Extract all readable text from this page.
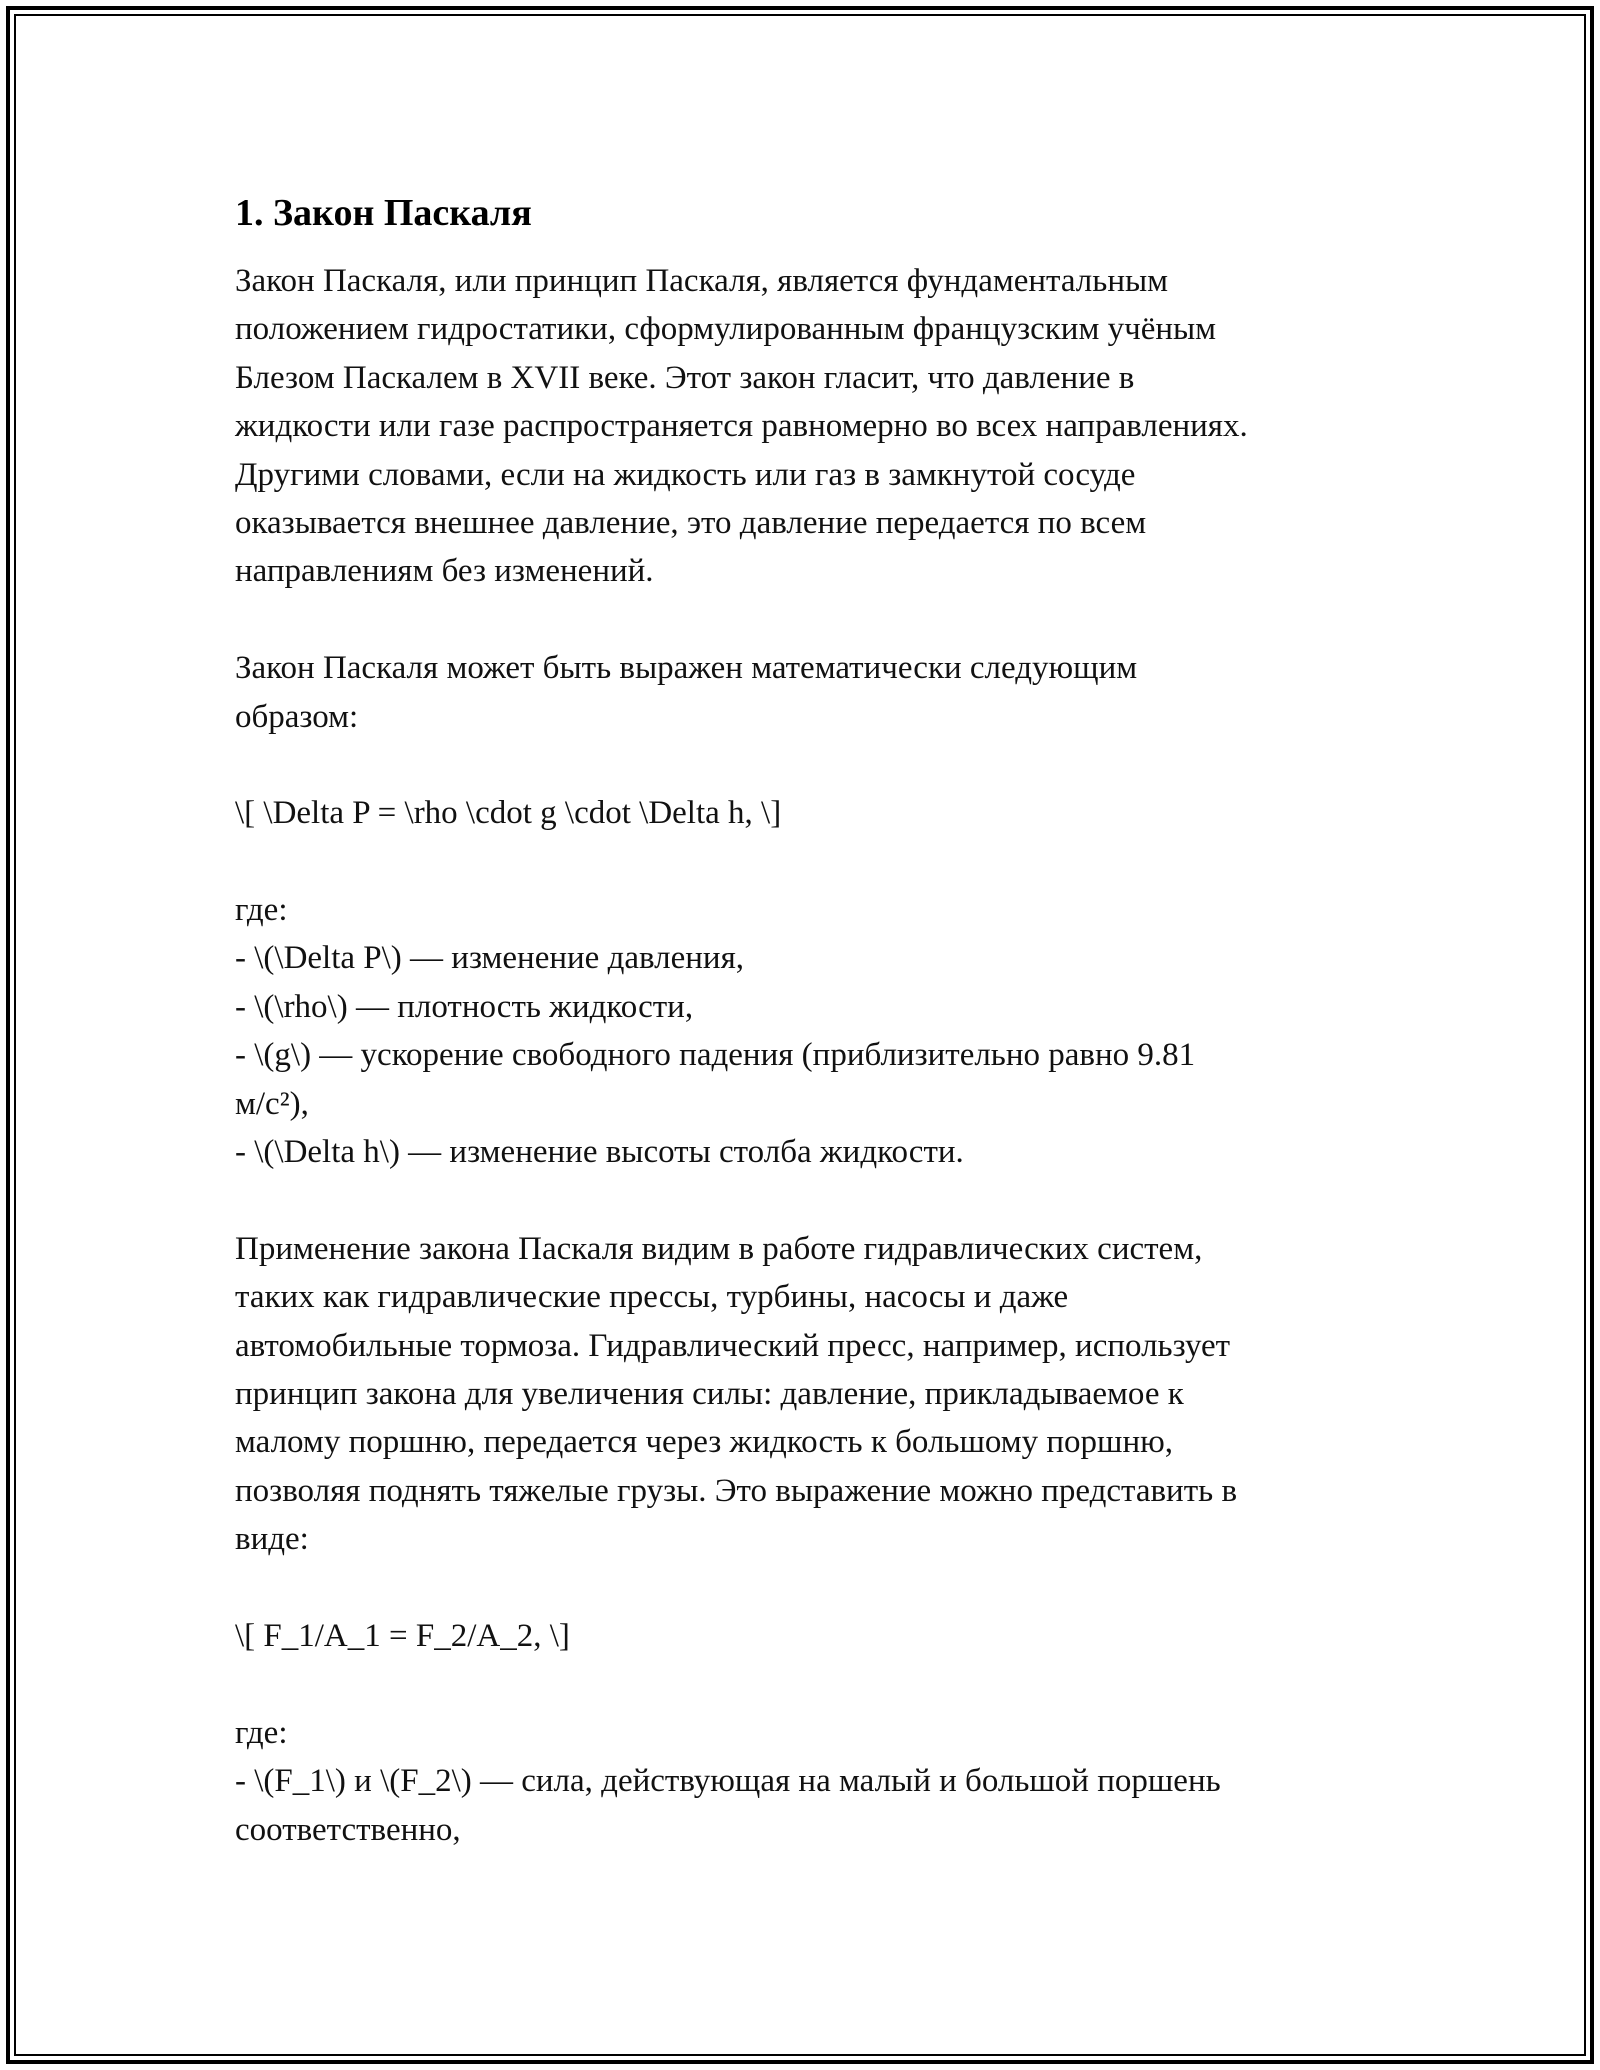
1. Закон Паскаля
Закон Паскаля, или принцип Паскаля, является фундаментальным
положением гидростатики, сформулированным французским учёным
Блезом Паскалем в XVII веке. Этот закон гласит, что давление в
жидкости или газе распространяется равномерно во всех направлениях.
Другими словами, если на жидкость или газ в замкнутой сосуде
оказывается внешнее давление, это давление передается по всем
направлениям без изменений.
Закон Паскаля может быть выражен математически следующим
образом:
\[ \Delta P = \rho \cdot g \cdot \Delta h, \]
где:
- \(\Delta P\) — изменение давления,
- \(\rho\) — плотность жидкости,
- \(g\) — ускорение свободного падения (приблизительно равно 9.81
м/с²),
- \(\Delta h\) — изменение высоты столба жидкости.
Применение закона Паскаля видим в работе гидравлических систем,
таких как гидравлические прессы, турбины, насосы и даже
автомобильные тормоза. Гидравлический пресс, например, использует
принцип закона для увеличения силы: давление, прикладываемое к
малому поршню, передается через жидкость к большому поршню,
позволяя поднять тяжелые грузы. Это выражение можно представить в
виде:
\[ F_1/A_1 = F_2/A_2, \]
где:
- \(F_1\) и \(F_2\) — сила, действующая на малый и большой поршень
соответственно,
